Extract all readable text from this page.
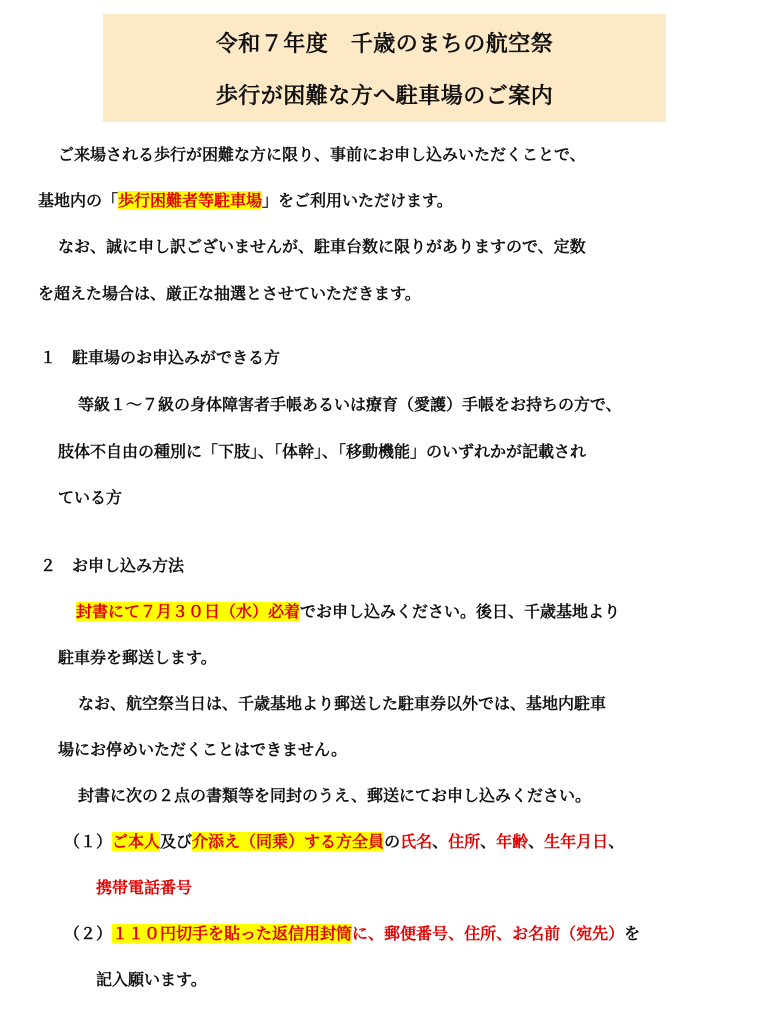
令和７年度　千歳のまちの航空祭
歩行が困難な方へ駐車場のご案内
ご来場される歩行が困難な方に限り、事前にお申し込みいただくことで、
基地内の「歩行困難者等駐車場」をご利用いただけます。
なお、誠に申し訳ございませんが、駐車台数に限りがありますので、定数
を超えた場合は、厳正な抽選とさせていただきます。
１　駐車場のお申込みができる方
等級１～７級の身体障害者手帳あるいは療育（愛護）手帳をお持ちの方で、
肢体不自由の種別に「下肢」、「体幹」、「移動機能」のいずれかが記載され
ている方
２　お申し込み方法
封書にて７月３０日（水）必着でお申し込みください。後日、千歳基地より
駐車券を郵送します。
なお、航空祭当日は、千歳基地より郵送した駐車券以外では、基地内駐車
場にお停めいただくことはできません。
封書に次の２点の書類等を同封のうえ、郵送にてお申し込みください。
（１）ご本人及び介添え（同乗）する方全員の氏名、住所、年齢、生年月日、
携帯電話番号
（２）１１０円切手を貼った返信用封筒に、郵便番号、住所、お名前（宛先）を
記入願います。
